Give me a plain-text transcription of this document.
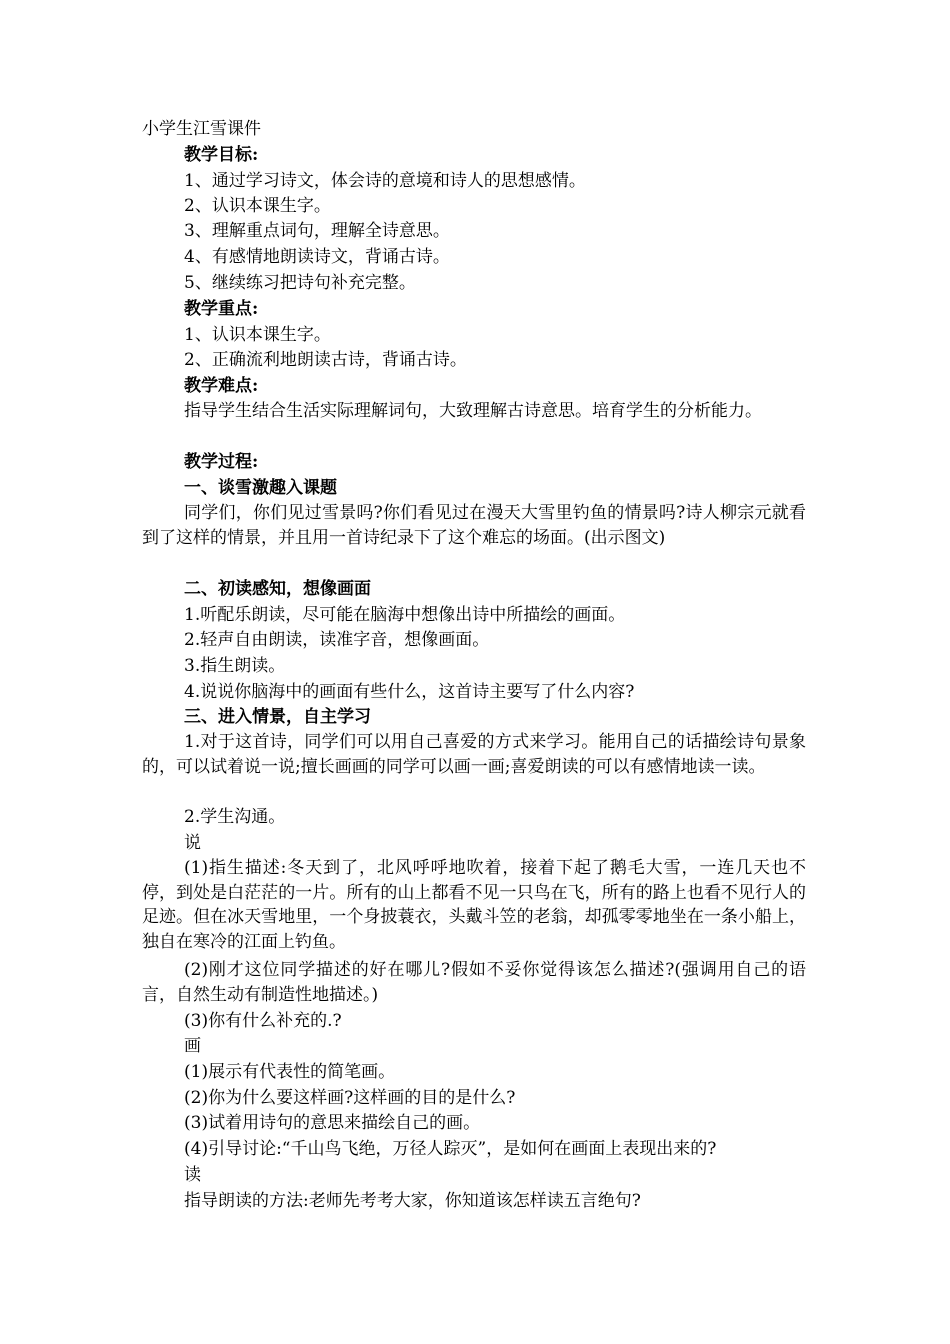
小学生江雪课件
教学目标:
1、通过学习诗文，体会诗的意境和诗人的思想感情。
2、认识本课生字。
3、理解重点词句，理解全诗意思。
4、有感情地朗读诗文，背诵古诗。
5、继续练习把诗句补充完整。
教学重点:
1、认识本课生字。
2、正确流利地朗读古诗，背诵古诗。
教学难点:
指导学生结合生活实际理解词句，大致理解古诗意思。培育学生的分析能力。
教学过程:
一、谈雪激趣入课题
同学们，你们见过雪景吗?你们看见过在漫天大雪里钓鱼的情景吗?诗人柳宗元就看到了这样的情景，并且用一首诗纪录下了这个难忘的场面。(出示图文)
二、初读感知，想像画面
1.听配乐朗读，尽可能在脑海中想像出诗中所描绘的画面。
2.轻声自由朗读，读准字音，想像画面。
3.指生朗读。
4.说说你脑海中的画面有些什么，这首诗主要写了什么内容?
三、进入情景，自主学习
1.对于这首诗，同学们可以用自己喜爱的方式来学习。能用自己的话描绘诗句景象的，可以试着说一说;擅长画画的同学可以画一画;喜爱朗读的可以有感情地读一读。
2.学生沟通。
说
(1)指生描述:冬天到了，北风呼呼地吹着，接着下起了鹅毛大雪，一连几天也不停，到处是白茫茫的一片。所有的山上都看不见一只鸟在飞，所有的路上也看不见行人的足迹。但在冰天雪地里，一个身披蓑衣，头戴斗笠的老翁，却孤零零地坐在一条小船上，独自在寒冷的江面上钓鱼。
(2)刚才这位同学描述的好在哪儿?假如不妥你觉得该怎么描述?(强调用自己的语言，自然生动有制造性地描述。)
(3)你有什么补充的.?
画
(1)展示有代表性的简笔画。
(2)你为什么要这样画?这样画的目的是什么?
(3)试着用诗句的意思来描绘自己的画。
(4)引导讨论:“千山鸟飞绝，万径人踪灭”，是如何在画面上表现出来的?
读
指导朗读的方法:老师先考考大家，你知道该怎样读五言绝句?
